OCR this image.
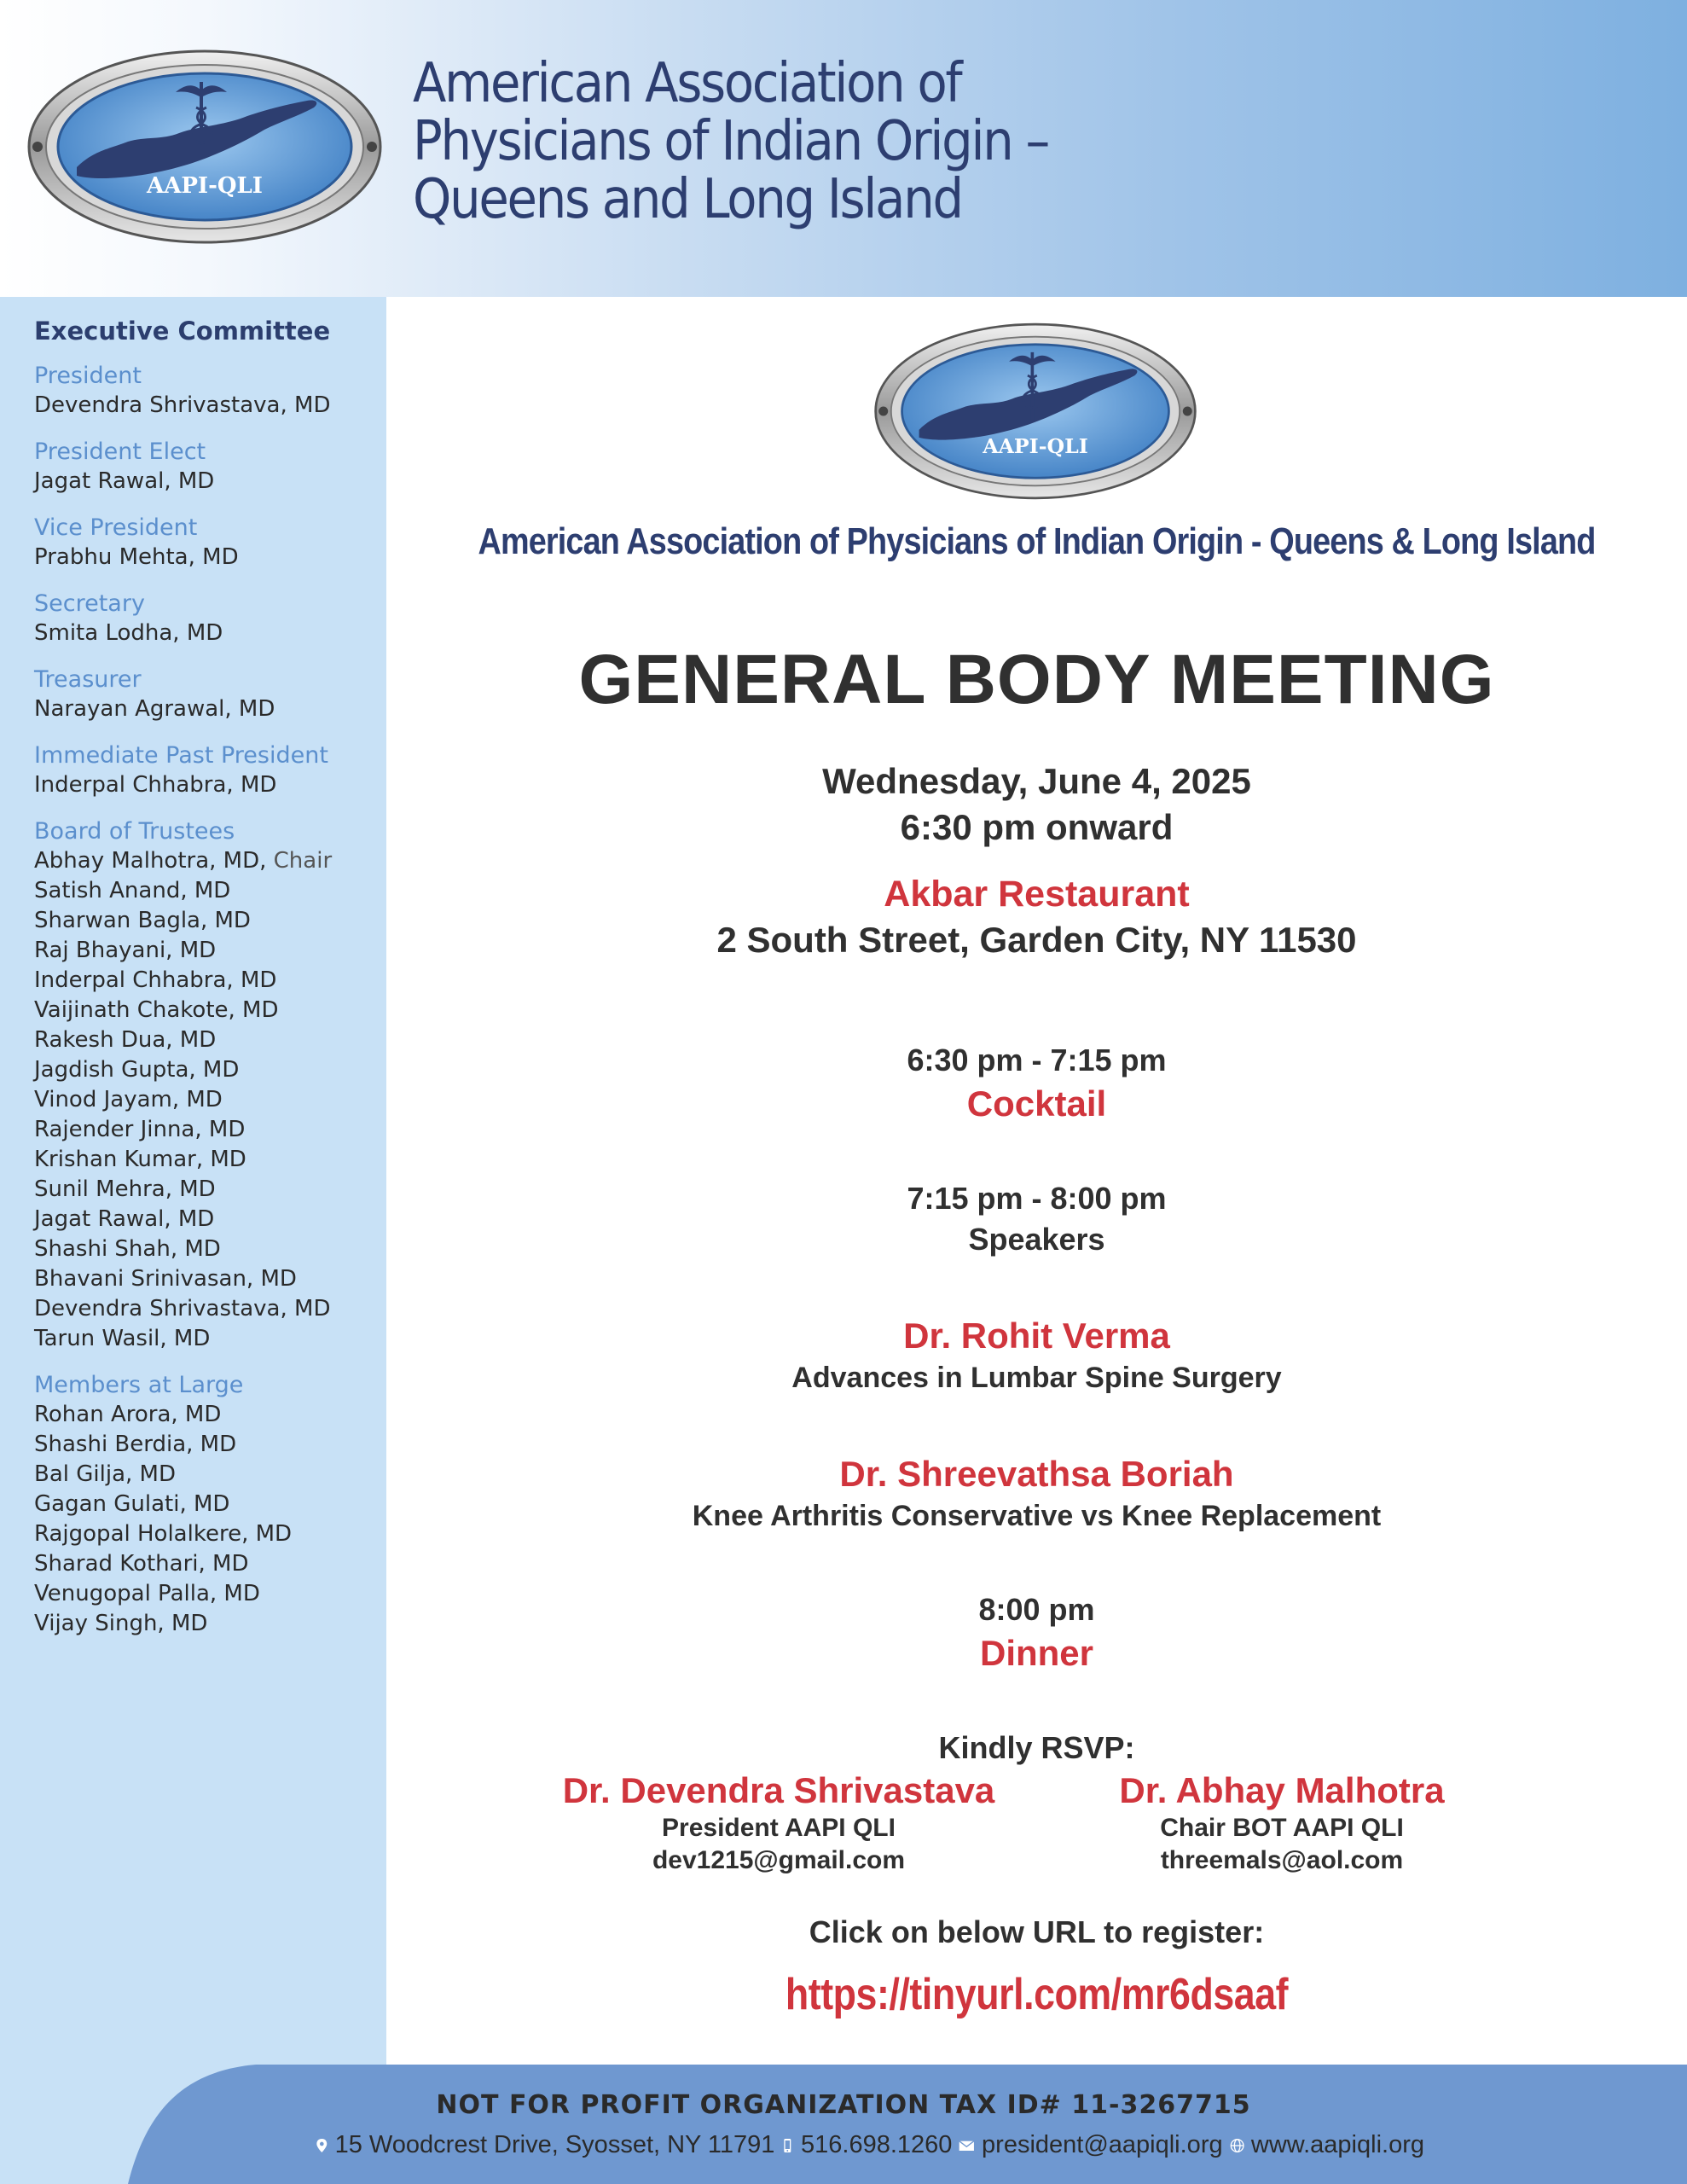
AAPI-QLI
American Association of
Physicians of Indian Origin –
Queens and Long Island
Executive Committee
President
Devendra Shrivastava, MD
President Elect
Jagat Rawal, MD
Vice President
Prabhu Mehta, MD
Secretary
Smita Lodha, MD
Treasurer
Narayan Agrawal, MD
Immediate Past President
Inderpal Chhabra, MD
Board of Trustees
Abhay Malhotra, MD, Chair
Satish Anand, MD
Sharwan Bagla, MD
Raj Bhayani, MD
Inderpal Chhabra, MD
Vaijinath Chakote, MD
Rakesh Dua, MD
Jagdish Gupta, MD
Vinod Jayam, MD
Rajender Jinna, MD
Krishan Kumar, MD
Sunil Mehra, MD
Jagat Rawal, MD
Shashi Shah, MD
Bhavani Srinivasan, MD
Devendra Shrivastava, MD
Tarun Wasil, MD
Members at Large
Rohan Arora, MD
Shashi Berdia, MD
Bal Gilja, MD
Gagan Gulati, MD
Rajgopal Holalkere, MD
Sharad Kothari, MD
Venugopal Palla, MD
Vijay Singh, MD
AAPI-QLI
American Association of Physicians of Indian Origin - Queens & Long Island
GENERAL BODY MEETING
Wednesday, June 4, 2025
6:30 pm onward
Akbar Restaurant
2 South Street, Garden City, NY 11530
6:30 pm - 7:15 pm
Cocktail
7:15 pm - 8:00 pm
Speakers
Dr. Rohit Verma
Advances in Lumbar Spine Surgery
Dr. Shreevathsa Boriah
Knee Arthritis Conservative vs Knee Replacement
8:00 pm
Dinner
Kindly RSVP:
Dr. Devendra Shrivastava
President AAPI QLI
dev1215@gmail.com
Dr. Abhay Malhotra
Chair BOT AAPI QLI
threemals@aol.com
Click on below URL to register:
https://tinyurl.com/mr6dsaaf
NOT FOR PROFIT ORGANIZATION TAX ID# 11-3267715
15 Woodcrest Drive, Syosset, NY 11791 516.698.1260 president@aapiqli.org www.aapiqli.org
